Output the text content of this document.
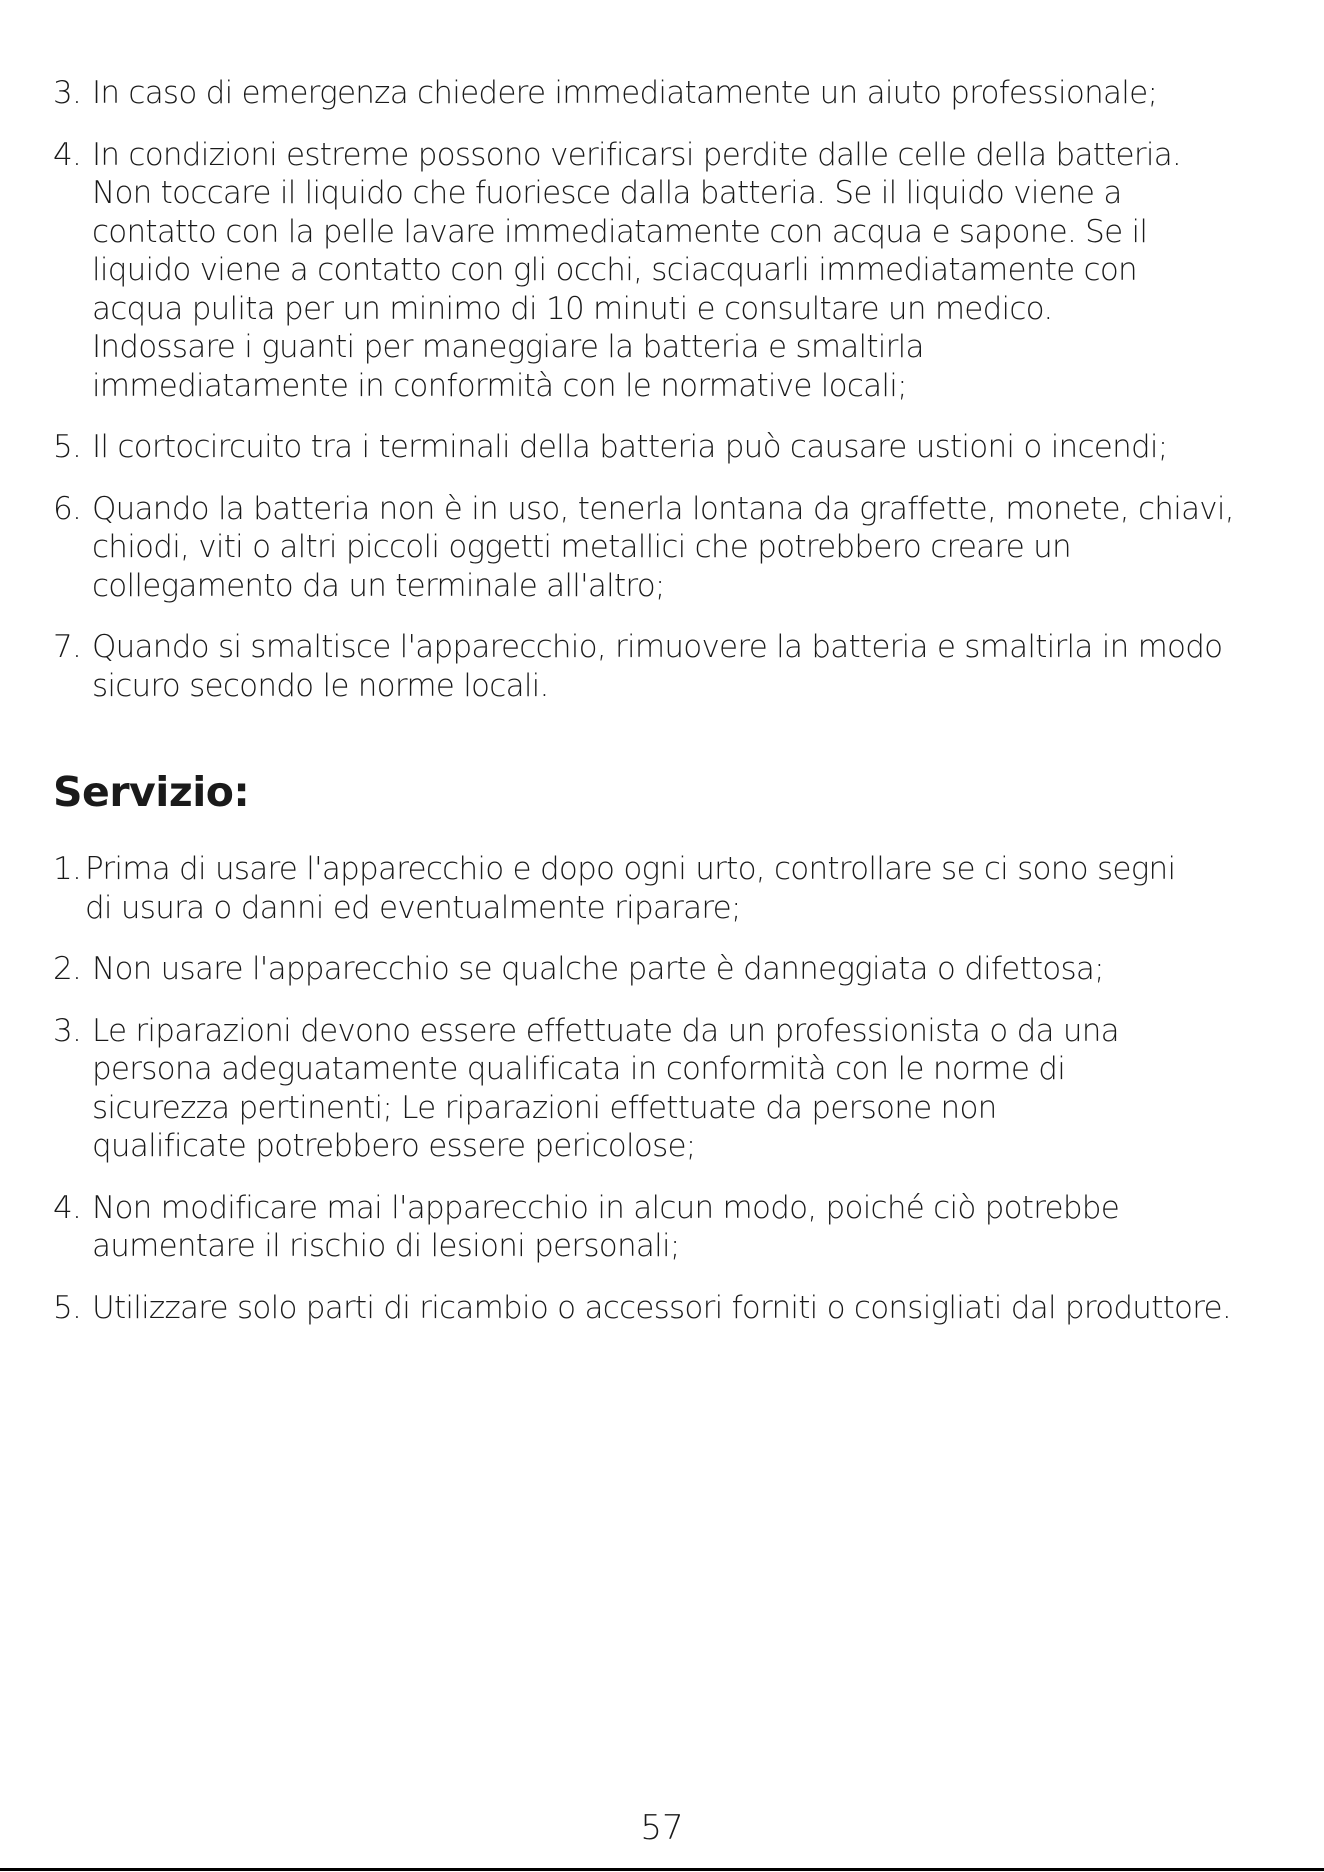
3. In caso di emergenza chiedere immediatamente un aiuto professionale;
4. In condizioni estreme possono verificarsi perdite dalle celle della batteria.
Non toccare il liquido che fuoriesce dalla batteria. Se il liquido viene a
contatto con la pelle lavare immediatamente con acqua e sapone. Se il
liquido viene a contatto con gli occhi, sciacquarli immediatamente con
acqua pulita per un minimo di 10 minuti e consultare un medico.
Indossare i guanti per maneggiare la batteria e smaltirla
immediatamente in conformità con le normative locali;
5. Il cortocircuito tra i terminali della batteria può causare ustioni o incendi;
6. Quando la batteria non è in uso, tenerla lontana da graffette, monete, chiavi,
chiodi, viti o altri piccoli oggetti metallici che potrebbero creare un
collegamento da un terminale all'altro;
7. Quando si smaltisce l'apparecchio, rimuovere la batteria e smaltirla in modo
sicuro secondo le norme locali.
Servizio:
1. Prima di usare l'apparecchio e dopo ogni urto, controllare se ci sono segni
di usura o danni ed eventualmente riparare;
2. Non usare l'apparecchio se qualche parte è danneggiata o difettosa;
3. Le riparazioni devono essere effettuate da un professionista o da una
persona adeguatamente qualificata in conformità con le norme di
sicurezza pertinenti; Le riparazioni effettuate da persone non
qualificate potrebbero essere pericolose;
4. Non modificare mai l'apparecchio in alcun modo, poiché ciò potrebbe
aumentare il rischio di lesioni personali;
5. Utilizzare solo parti di ricambio o accessori forniti o consigliati dal produttore.
57
